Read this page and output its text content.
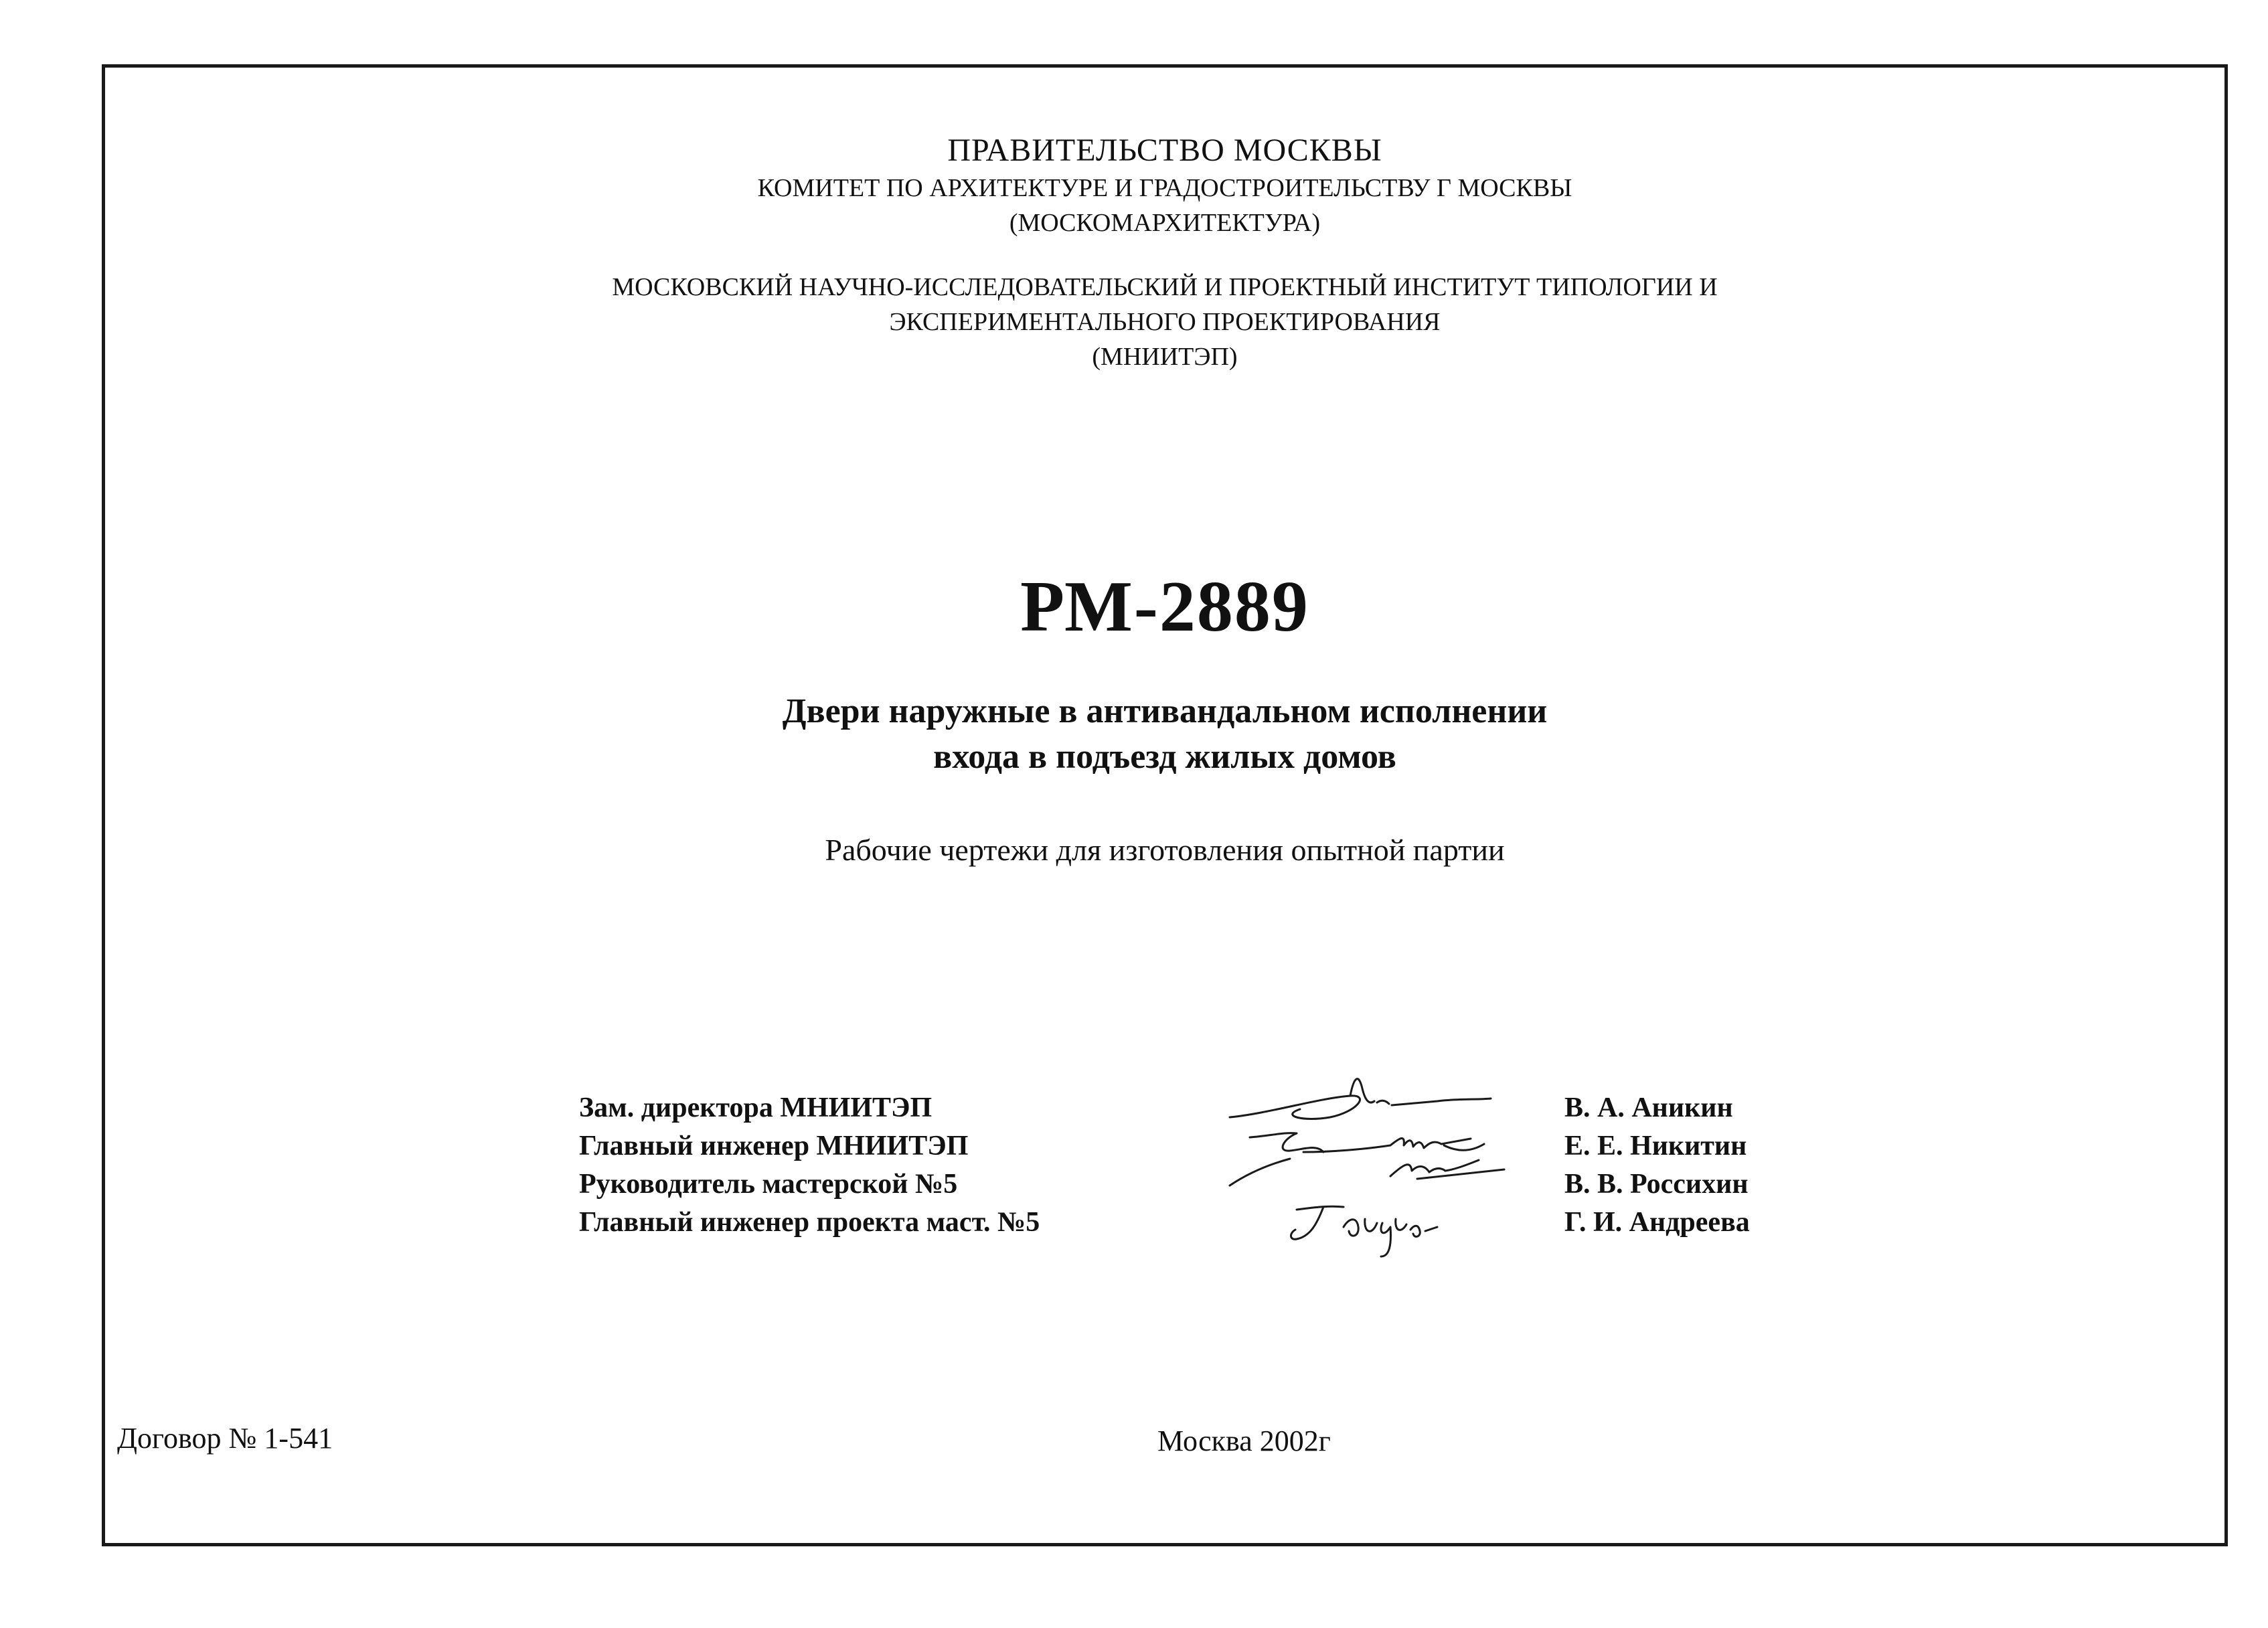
ПРАВИТЕЛЬСТВО МОСКВЫ
КОМИТЕТ ПО АРХИТЕКТУРЕ И ГРАДОСТРОИТЕЛЬСТВУ Г МОСКВЫ
(МОСКОМАРХИТЕКТУРА)
МОСКОВСКИЙ НАУЧНО-ИССЛЕДОВАТЕЛЬСКИЙ И ПРОЕКТНЫЙ ИНСТИТУТ ТИПОЛОГИИ И
ЭКСПЕРИМЕНТАЛЬНОГО ПРОЕКТИРОВАНИЯ
(МНИИТЭП)
РМ-2889
Двери наружные в антивандальном исполнении
входа в подъезд жилых домов
Рабочие чертежи для изготовления опытной партии
Зам. директора МНИИТЭП
Главный инженер МНИИТЭП
Руководитель мастерской №5
Главный инженер проекта маст. №5
В. А. Аникин
Е. Е. Никитин
В. В. Россихин
Г. И. Андреева
Договор № 1-541	Москва 2002г
